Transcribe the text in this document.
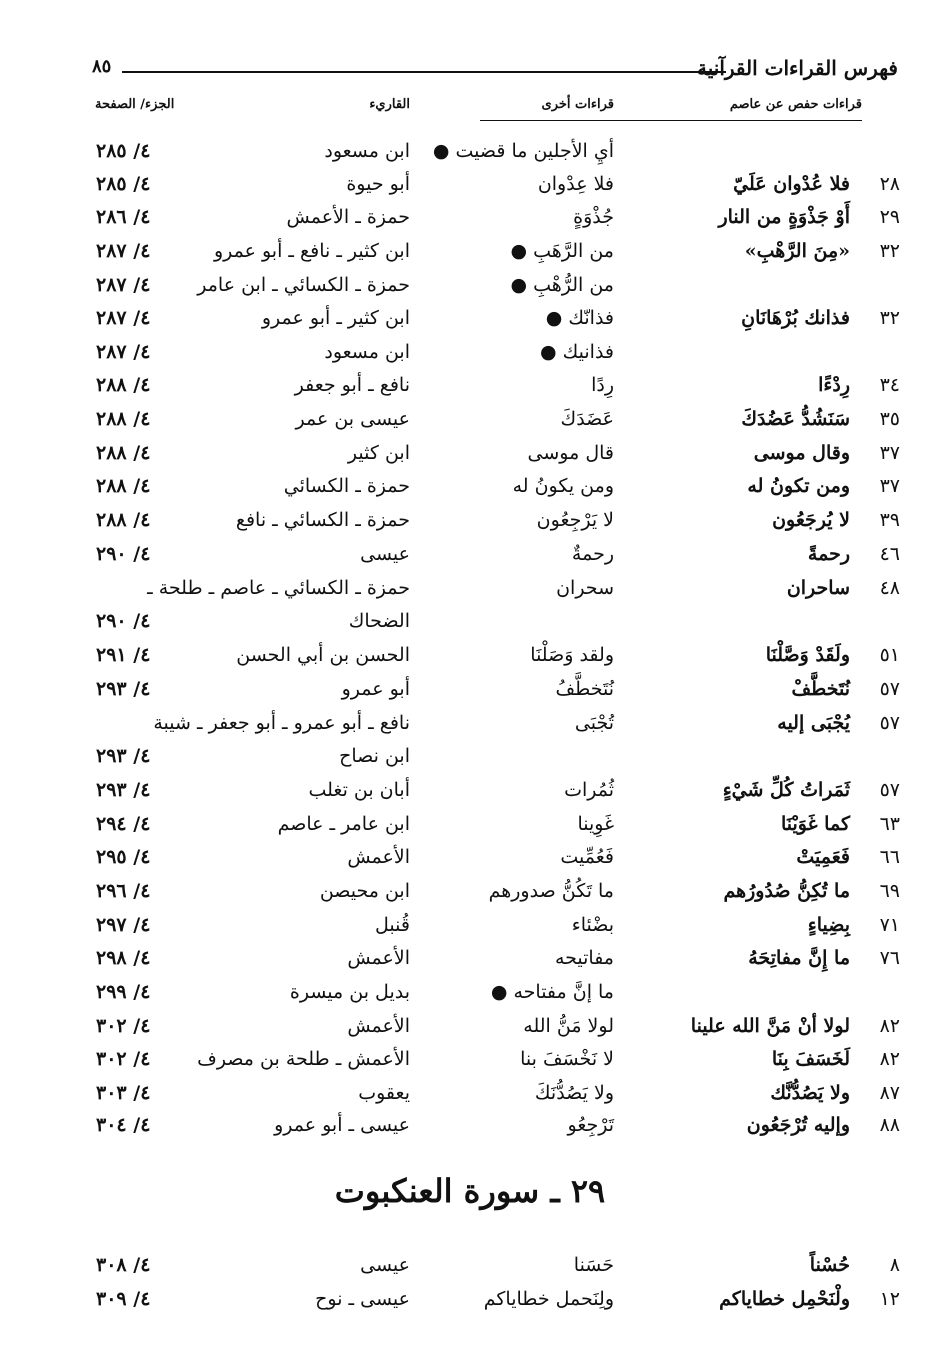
فهرس القراءات القرآنية
٨٥
قراءات حفص عن عاصم
قراءات أخرى
القاريء
الجزء/ الصفحة
● أيِ الأجلين ما قضيت
ابن مسعود
٤/ ٢٨٥
٢٨
فلا عُدْوان عَلَيّ
فلا عِدْوان
أبو حيوة
٤/ ٢٨٥
٢٩
أَوْ جَذْوَةٍ من النار
جُذْوَةٍ
حمزة ـ الأعمش
٤/ ٢٨٦
٣٢
«مِنَ الرَّهْبِ»
● من الرَّهَبِ
ابن كثير ـ نافع ـ أبو عمرو
٤/ ٢٨٧
● من الرُّهْبِ
حمزة ـ الكسائي ـ ابن عامر
٤/ ٢٨٧
٣٢
فذانك بُرْهَانَانِ
● فذانّك
ابن كثير ـ أبو عمرو
٤/ ٢٨٧
● فذانيك
ابن مسعود
٤/ ٢٨٧
٣٤
رِدْءًا
رِدًا
نافع ـ أبو جعفر
٤/ ٢٨٨
٣٥
سَنَشُدُّ عَضُدَكَ
عَضَدَكَ
عيسى بن عمر
٤/ ٢٨٨
٣٧
وقال موسى
قال موسى
ابن كثير
٤/ ٢٨٨
٣٧
ومن تكونُ له
ومن يكونُ له
حمزة ـ الكسائي
٤/ ٢٨٨
٣٩
لا يُرجَعُون
لا يَرْجِعُون
حمزة ـ الكسائي ـ نافع
٤/ ٢٨٨
٤٦
رحمةً
رحمةٌ
عيسى
٤/ ٢٩٠
٤٨
ساحران
سحران
حمزة ـ الكسائي ـ عاصم ـ طلحة ـ
الضحاك
٤/ ٢٩٠
٥١
ولَقَدْ وَصَّلْنَا
ولقد وَصَلْنَا
الحسن بن أبي الحسن
٤/ ٢٩١
٥٧
نُتَخطَّفْ
نُتَخطَّفُ
أبو عمرو
٤/ ٢٩٣
٥٧
يُجْبَى إليه
تُجْبَى
نافع ـ أبو عمرو ـ أبو جعفر ـ شيبة
ابن نصاح
٤/ ٢٩٣
٥٧
ثَمَراتُ كُلِّ شَيْءٍ
ثُمُرات
أبان بن تغلب
٤/ ٢٩٣
٦٣
كما غَوَيْنَا
غَوِينا
ابن عامر ـ عاصم
٤/ ٢٩٤
٦٦
فَعَمِيَتْ
فَعُمِّيت
الأعمش
٤/ ٢٩٥
٦٩
ما تُكِنُّ صُدُورُهم
ما تَكُنُّ صدورهم
ابن محيصن
٤/ ٢٩٦
٧١
بِضِياءٍ
بضْئاء
قُنبل
٤/ ٢٩٧
٧٦
ما إِنَّ مفاتِحَهُ
مفاتيحه
الأعمش
٤/ ٢٩٨
● ما إنَّ مفتاحه
بديل بن ميسرة
٤/ ٢٩٩
٨٢
لولا أنْ مَنَّ الله علينا
لولا مَنُّ الله
الأعمش
٤/ ٣٠٢
٨٢
لَخَسَفَ بِنَا
لا نَخْسَفَ بنا
الأعمش ـ طلحة بن مصرف
٤/ ٣٠٢
٨٧
ولا يَصُدُّنَّك
ولا يَصُدُّنَكَ
يعقوب
٤/ ٣٠٣
٨٨
وإليه تُرْجَعُون
تَرْجِعُو
عيسى ـ أبو عمرو
٤/ ٣٠٤
٢٩ ـ سورة العنكبوت
٨
حُسْناً
حَسَنا
عيسى
٤/ ٣٠٨
١٢
ولْنَحْمِل خطاياكم
ولِنَحمل خطاياكم
عيسى ـ نوح
٤/ ٣٠٩
